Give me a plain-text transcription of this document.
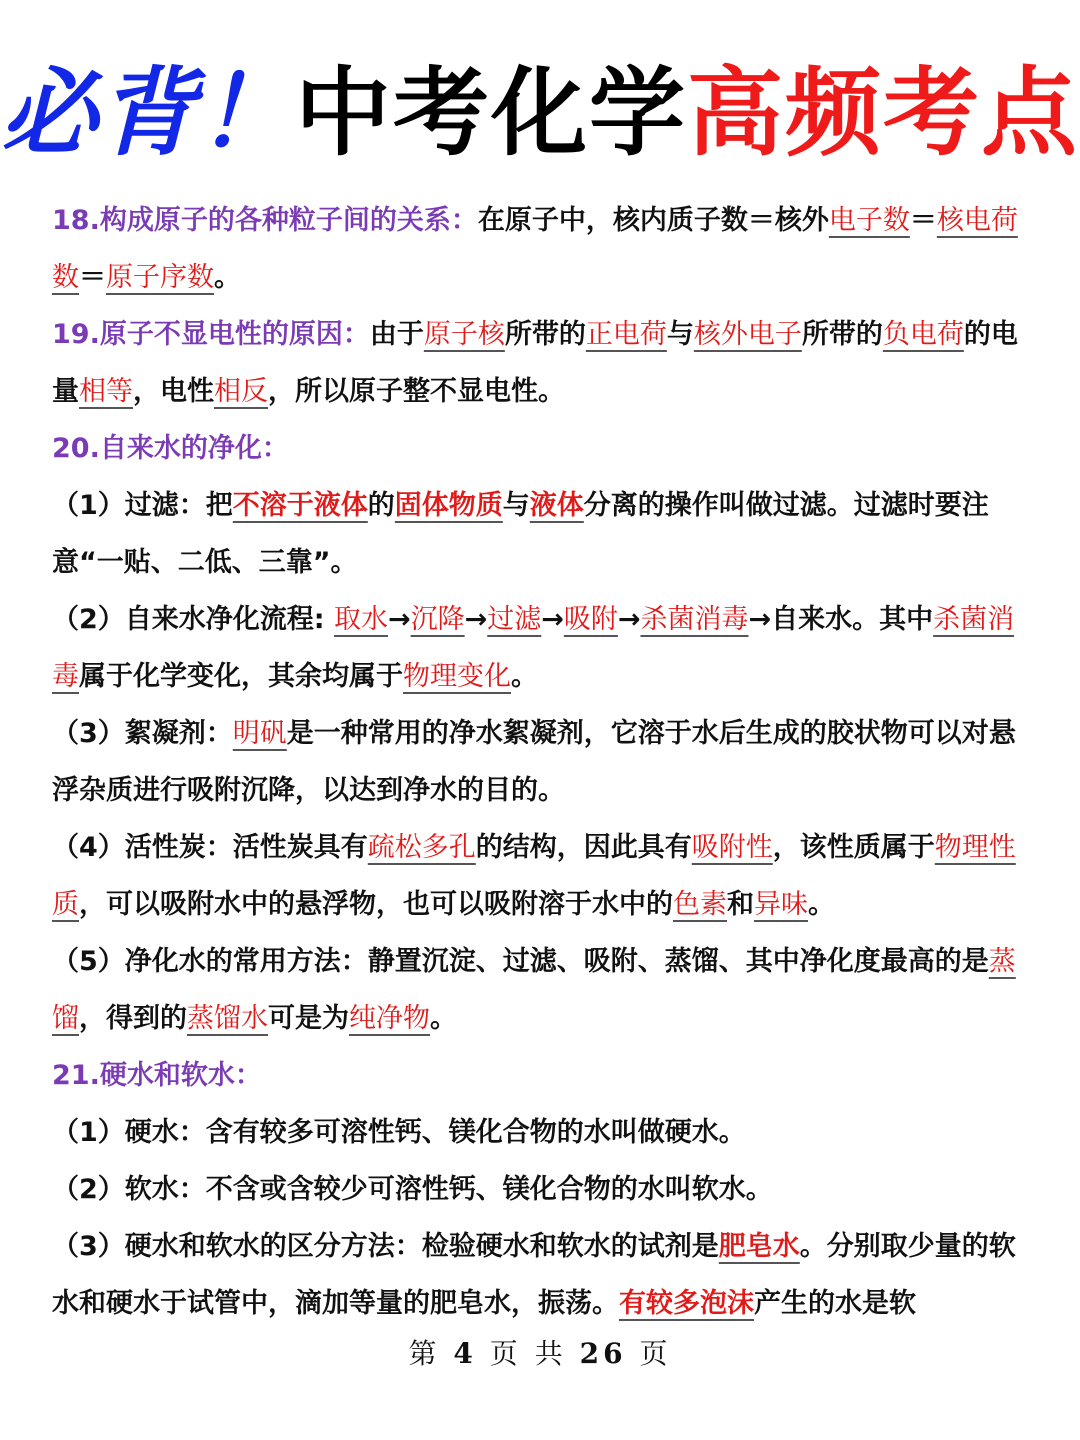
必背！中考化学高频考点

18.构成原子的各种粒子间的关系：在原子中，核内质子数＝核外电子数＝核电荷数＝原子序数。

19.原子不显电性的原因：由于原子核所带的正电荷与核外电子所带的负电荷的电量相等，电性相反，所以原子整不显电性。

20.自来水的净化：

（1）过滤：把不溶于液体的固体物质与液体分离的操作叫做过滤。过滤时要注意“一贴、二低、三靠”。

（2）自来水净化流程: 取水→沉降→过滤→吸附→杀菌消毒→自来水。其中杀菌消毒属于化学变化，其余均属于物理变化。

（3）絮凝剂：明矾是一种常用的净水絮凝剂，它溶于水后生成的胶状物可以对悬浮杂质进行吸附沉降，以达到净水的目的。

（4）活性炭：活性炭具有疏松多孔的结构，因此具有吸附性，该性质属于物理性质，可以吸附水中的悬浮物，也可以吸附溶于水中的色素和异味。

（5）净化水的常用方法：静置沉淀、过滤、吸附、蒸馏、其中净化度最高的是蒸馏，得到的蒸馏水可是为纯净物。

21.硬水和软水：

（1）硬水：含有较多可溶性钙、镁化合物的水叫做硬水。

（2）软水：不含或含较少可溶性钙、镁化合物的水叫软水。

（3）硬水和软水的区分方法：检验硬水和软水的试剂是肥皂水。分别取少量的软水和硬水于试管中，滴加等量的肥皂水，振荡。有较多泡沫产生的水是软

第 4 页 共 26 页
